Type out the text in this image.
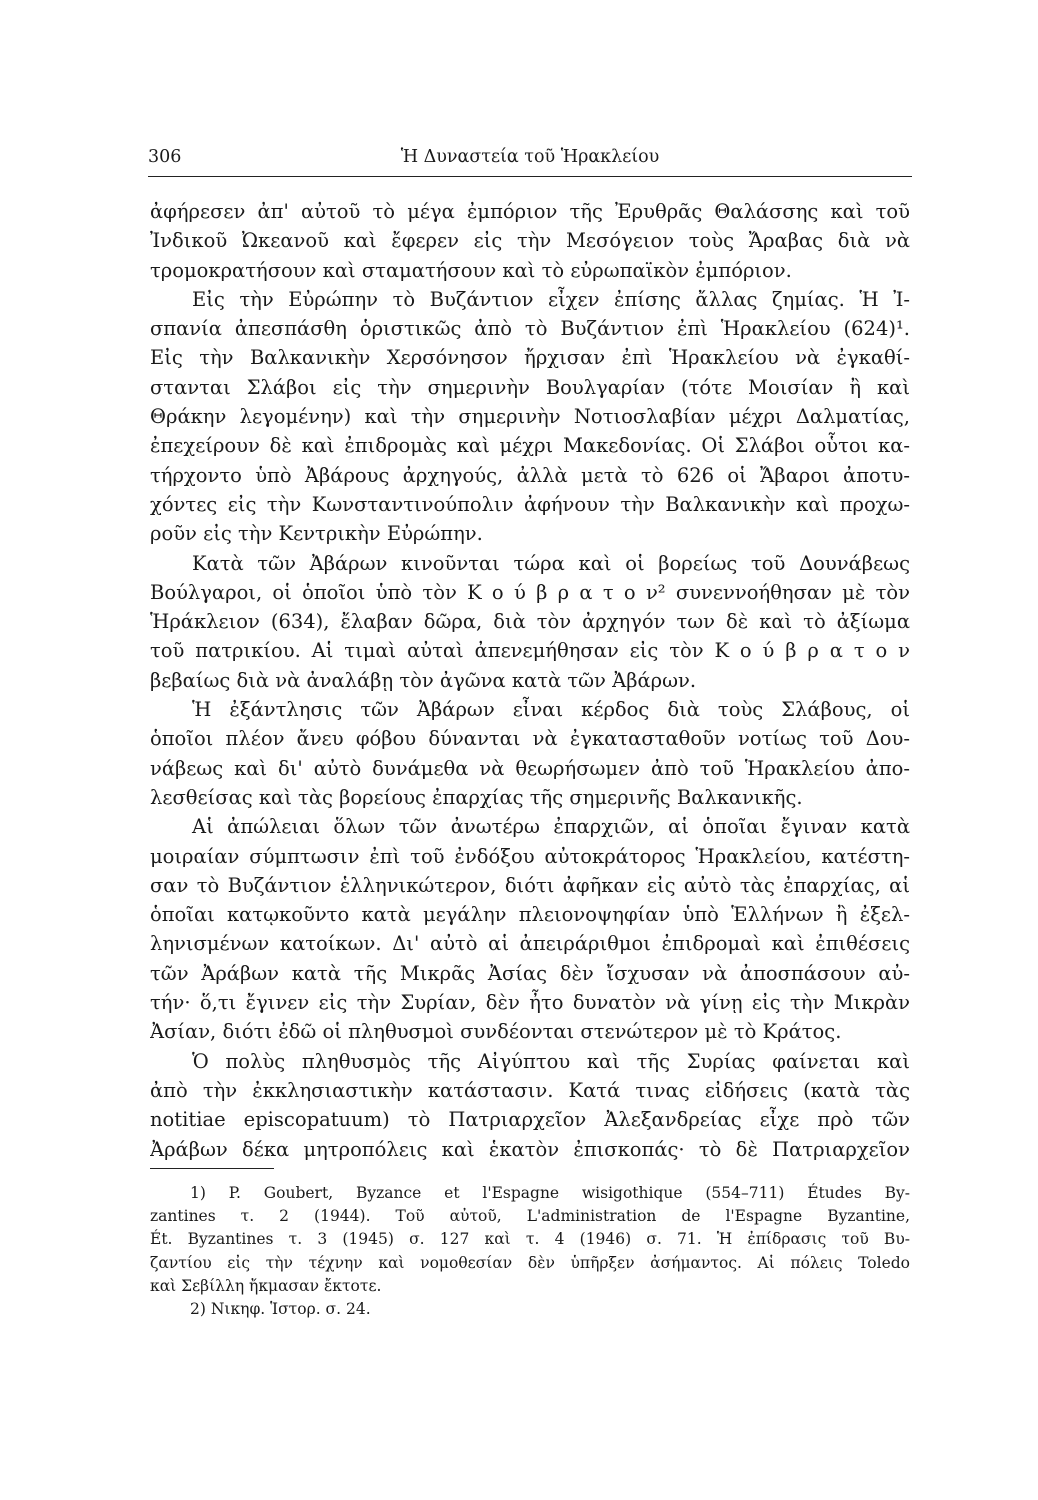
306	Ἡ Δυναστεία τοῦ Ἡρακλείου
ἀφήρεσεν ἀπ' αὐτοῦ τὸ μέγα ἐμπόριον τῆς Ἐρυθρᾶς Θαλάσσης καὶ τοῦ
Ἰνδικοῦ Ὠκεανοῦ καὶ ἔφερεν εἰς τὴν Μεσόγειον τοὺς Ἄραβας διὰ νὰ
τρομοκρατήσουν καὶ σταματήσουν καὶ τὸ εὐρωπαϊκὸν ἐμπόριον.
Εἰς τὴν Εὐρώπην τὸ Βυζάντιον εἶχεν ἐπίσης ἄλλας ζημίας. Ἡ Ἰ-
σπανία ἀπεσπάσθη ὁριστικῶς ἀπὸ τὸ Βυζάντιον ἐπὶ Ἡρακλείου (624)¹.
Εἰς τὴν Βαλκανικὴν Χερσόνησον ἤρχισαν ἐπὶ Ἡρακλείου νὰ ἐγκαθί-
στανται Σλάβοι εἰς τὴν σημερινὴν Βουλγαρίαν (τότε Μοισίαν ἢ καὶ
Θράκην λεγομένην) καὶ τὴν σημερινὴν Νοτιοσλαβίαν μέχρι Δαλματίας,
ἐπεχείρουν δὲ καὶ ἐπιδρομὰς καὶ μέχρι Μακεδονίας. Οἱ Σλάβοι οὗτοι κα-
τήρχοντο ὑπὸ Ἀβάρους ἀρχηγούς, ἀλλὰ μετὰ τὸ 626 οἱ Ἄβαροι ἀποτυ-
χόντες εἰς τὴν Κωνσταντινούπολιν ἀφήνουν τὴν Βαλκανικὴν καὶ προχω-
ροῦν εἰς τὴν Κεντρικὴν Εὐρώπην.
Κατὰ τῶν Ἀβάρων κινοῦνται τώρα καὶ οἱ βορείως τοῦ Δουνάβεως
Βούλγαροι, οἱ ὁποῖοι ὑπὸ τὸν Κ ο ύ β ρ α τ ο ν² συνεννοήθησαν μὲ τὸν
Ἡράκλειον (634), ἔλαβαν δῶρα, διὰ τὸν ἀρχηγόν των δὲ καὶ τὸ ἀξίωμα
τοῦ πατρικίου. Αἱ τιμαὶ αὐταὶ ἀπενεμήθησαν εἰς τὸν Κ ο ύ β ρ α τ ο ν
βεβαίως διὰ νὰ ἀναλάβῃ τὸν ἀγῶνα κατὰ τῶν Ἀβάρων.
Ἡ ἐξάντλησις τῶν Ἀβάρων εἶναι κέρδος διὰ τοὺς Σλάβους, οἱ
ὁποῖοι πλέον ἄνευ φόβου δύνανται νὰ ἐγκατασταθοῦν νοτίως τοῦ Δου-
νάβεως καὶ δι' αὐτὸ δυνάμεθα νὰ θεωρήσωμεν ἀπὸ τοῦ Ἡρακλείου ἀπο-
λεσθείσας καὶ τὰς βορείους ἐπαρχίας τῆς σημερινῆς Βαλκανικῆς.
Αἱ ἀπώλειαι ὅλων τῶν ἀνωτέρω ἐπαρχιῶν, αἱ ὁποῖαι ἔγιναν κατὰ
μοιραίαν σύμπτωσιν ἐπὶ τοῦ ἐνδόξου αὐτοκράτορος Ἡρακλείου, κατέστη-
σαν τὸ Βυζάντιον ἑλληνικώτερον, διότι ἀφῆκαν εἰς αὐτὸ τὰς ἐπαρχίας, αἱ
ὁποῖαι κατῳκοῦντο κατὰ μεγάλην πλειονοψηφίαν ὑπὸ Ἑλλήνων ἢ ἐξελ-
ληνισμένων κατοίκων. Δι' αὐτὸ αἱ ἀπειράριθμοι ἐπιδρομαὶ καὶ ἐπιθέσεις
τῶν Ἀράβων κατὰ τῆς Μικρᾶς Ἀσίας δὲν ἴσχυσαν νὰ ἀποσπάσουν αὐ-
τήν· ὅ,τι ἔγινεν εἰς τὴν Συρίαν, δὲν ἦτο δυνατὸν νὰ γίνῃ εἰς τὴν Μικρὰν
Ἀσίαν, διότι ἐδῶ οἱ πληθυσμοὶ συνδέονται στενώτερον μὲ τὸ Κράτος.
Ὁ πολὺς πληθυσμὸς τῆς Αἰγύπτου καὶ τῆς Συρίας φαίνεται καὶ
ἀπὸ τὴν ἐκκλησιαστικὴν κατάστασιν. Κατά τινας εἰδήσεις (κατὰ τὰς
notitiae episcopatuum) τὸ Πατριαρχεῖον Ἀλεξανδρείας εἶχε πρὸ τῶν
Ἀράβων δέκα μητροπόλεις καὶ ἑκατὸν ἐπισκοπάς· τὸ δὲ Πατριαρχεῖον
1) P. Goubert, Byzance et l'Espagne wisigothique (554–711) Études By-
zantines τ. 2 (1944). Τοῦ αὐτοῦ, L'administration de l'Espagne Byzantine,
Ét. Byzantines τ. 3 (1945) σ. 127 καὶ τ. 4 (1946) σ. 71. Ἡ ἐπίδρασις τοῦ Βυ-
ζαντίου εἰς τὴν τέχνην καὶ νομοθεσίαν δὲν ὑπῆρξεν ἀσήμαντος. Αἱ πόλεις Toledo
καὶ Σεβίλλη ἤκμασαν ἔκτοτε.
2) Νικηφ. Ἱστορ. σ. 24.
